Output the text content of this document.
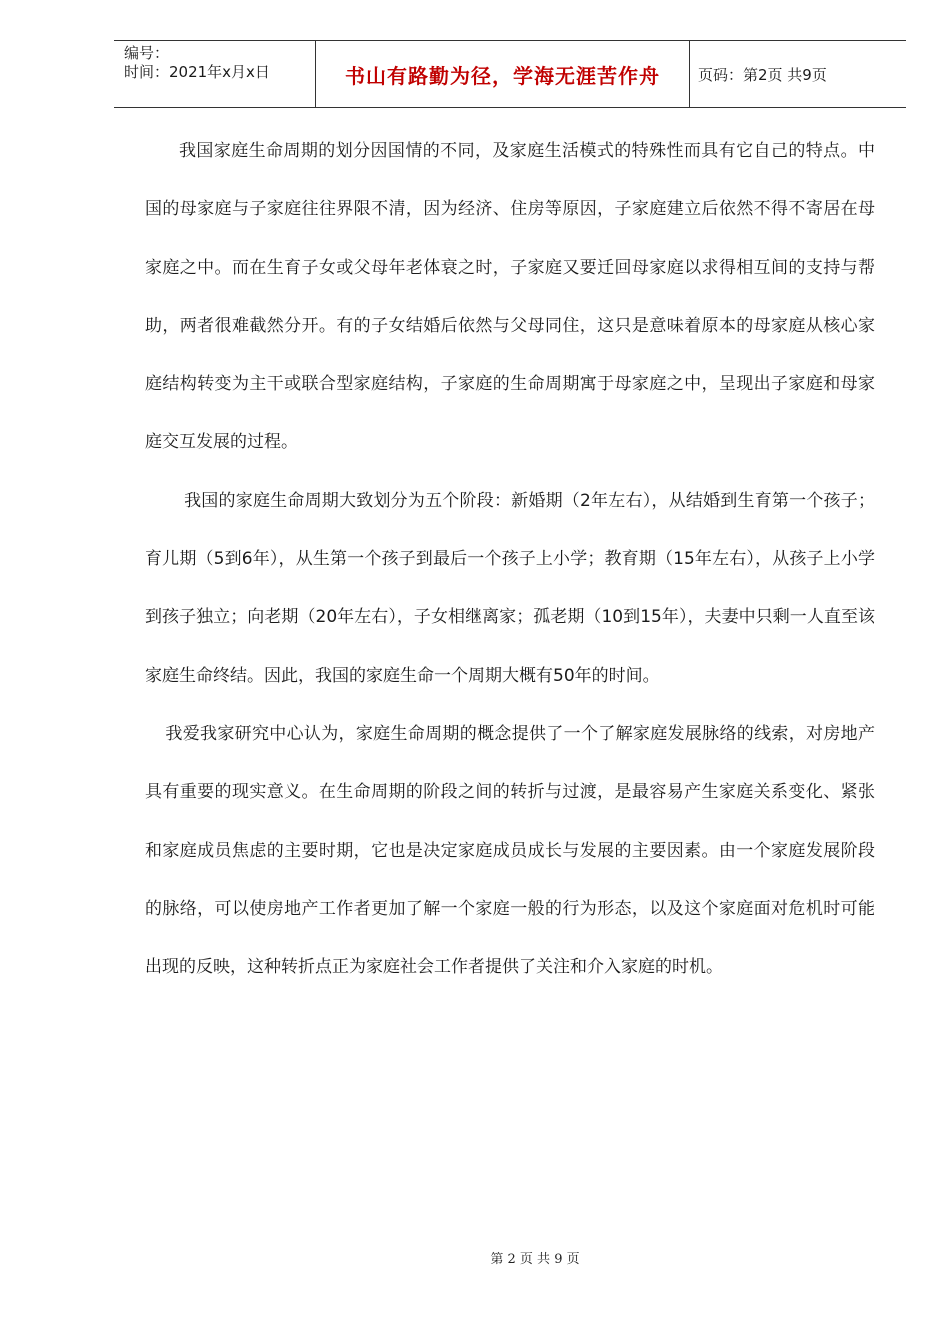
编号：
时间：2021年x月x日	书山有路勤为径，学海无涯苦作舟	页码：第2页 共9页

我国家庭生命周期的划分因国情的不同，及家庭生活模式的特殊性而具有它自己的特点。中国的母家庭与子家庭往往界限不清，因为经济、住房等原因，子家庭建立后依然不得不寄居在母家庭之中。而在生育子女或父母年老体衰之时，子家庭又要迁回母家庭以求得相互间的支持与帮助，两者很难截然分开。有的子女结婚后依然与父母同住，这只是意味着原本的母家庭从核心家庭结构转变为主干或联合型家庭结构，子家庭的生命周期寓于母家庭之中，呈现出子家庭和母家庭交互发展的过程。

我国的家庭生命周期大致划分为五个阶段：新婚期（2年左右），从结婚到生育第一个孩子；育儿期（5到6年），从生第一个孩子到最后一个孩子上小学；教育期（15年左右），从孩子上小学到孩子独立；向老期（20年左右），子女相继离家；孤老期（10到15年），夫妻中只剩一人直至该家庭生命终结。因此，我国的家庭生命一个周期大概有50年的时间。

我爱我家研究中心认为，家庭生命周期的概念提供了一个了解家庭发展脉络的线索，对房地产具有重要的现实意义。在生命周期的阶段之间的转折与过渡，是最容易产生家庭关系变化、紧张和家庭成员焦虑的主要时期，它也是决定家庭成员成长与发展的主要因素。由一个家庭发展阶段的脉络，可以使房地产工作者更加了解一个家庭一般的行为形态，以及这个家庭面对危机时可能出现的反映，这种转折点正为家庭社会工作者提供了关注和介入家庭的时机。

第 2 页 共 9 页
